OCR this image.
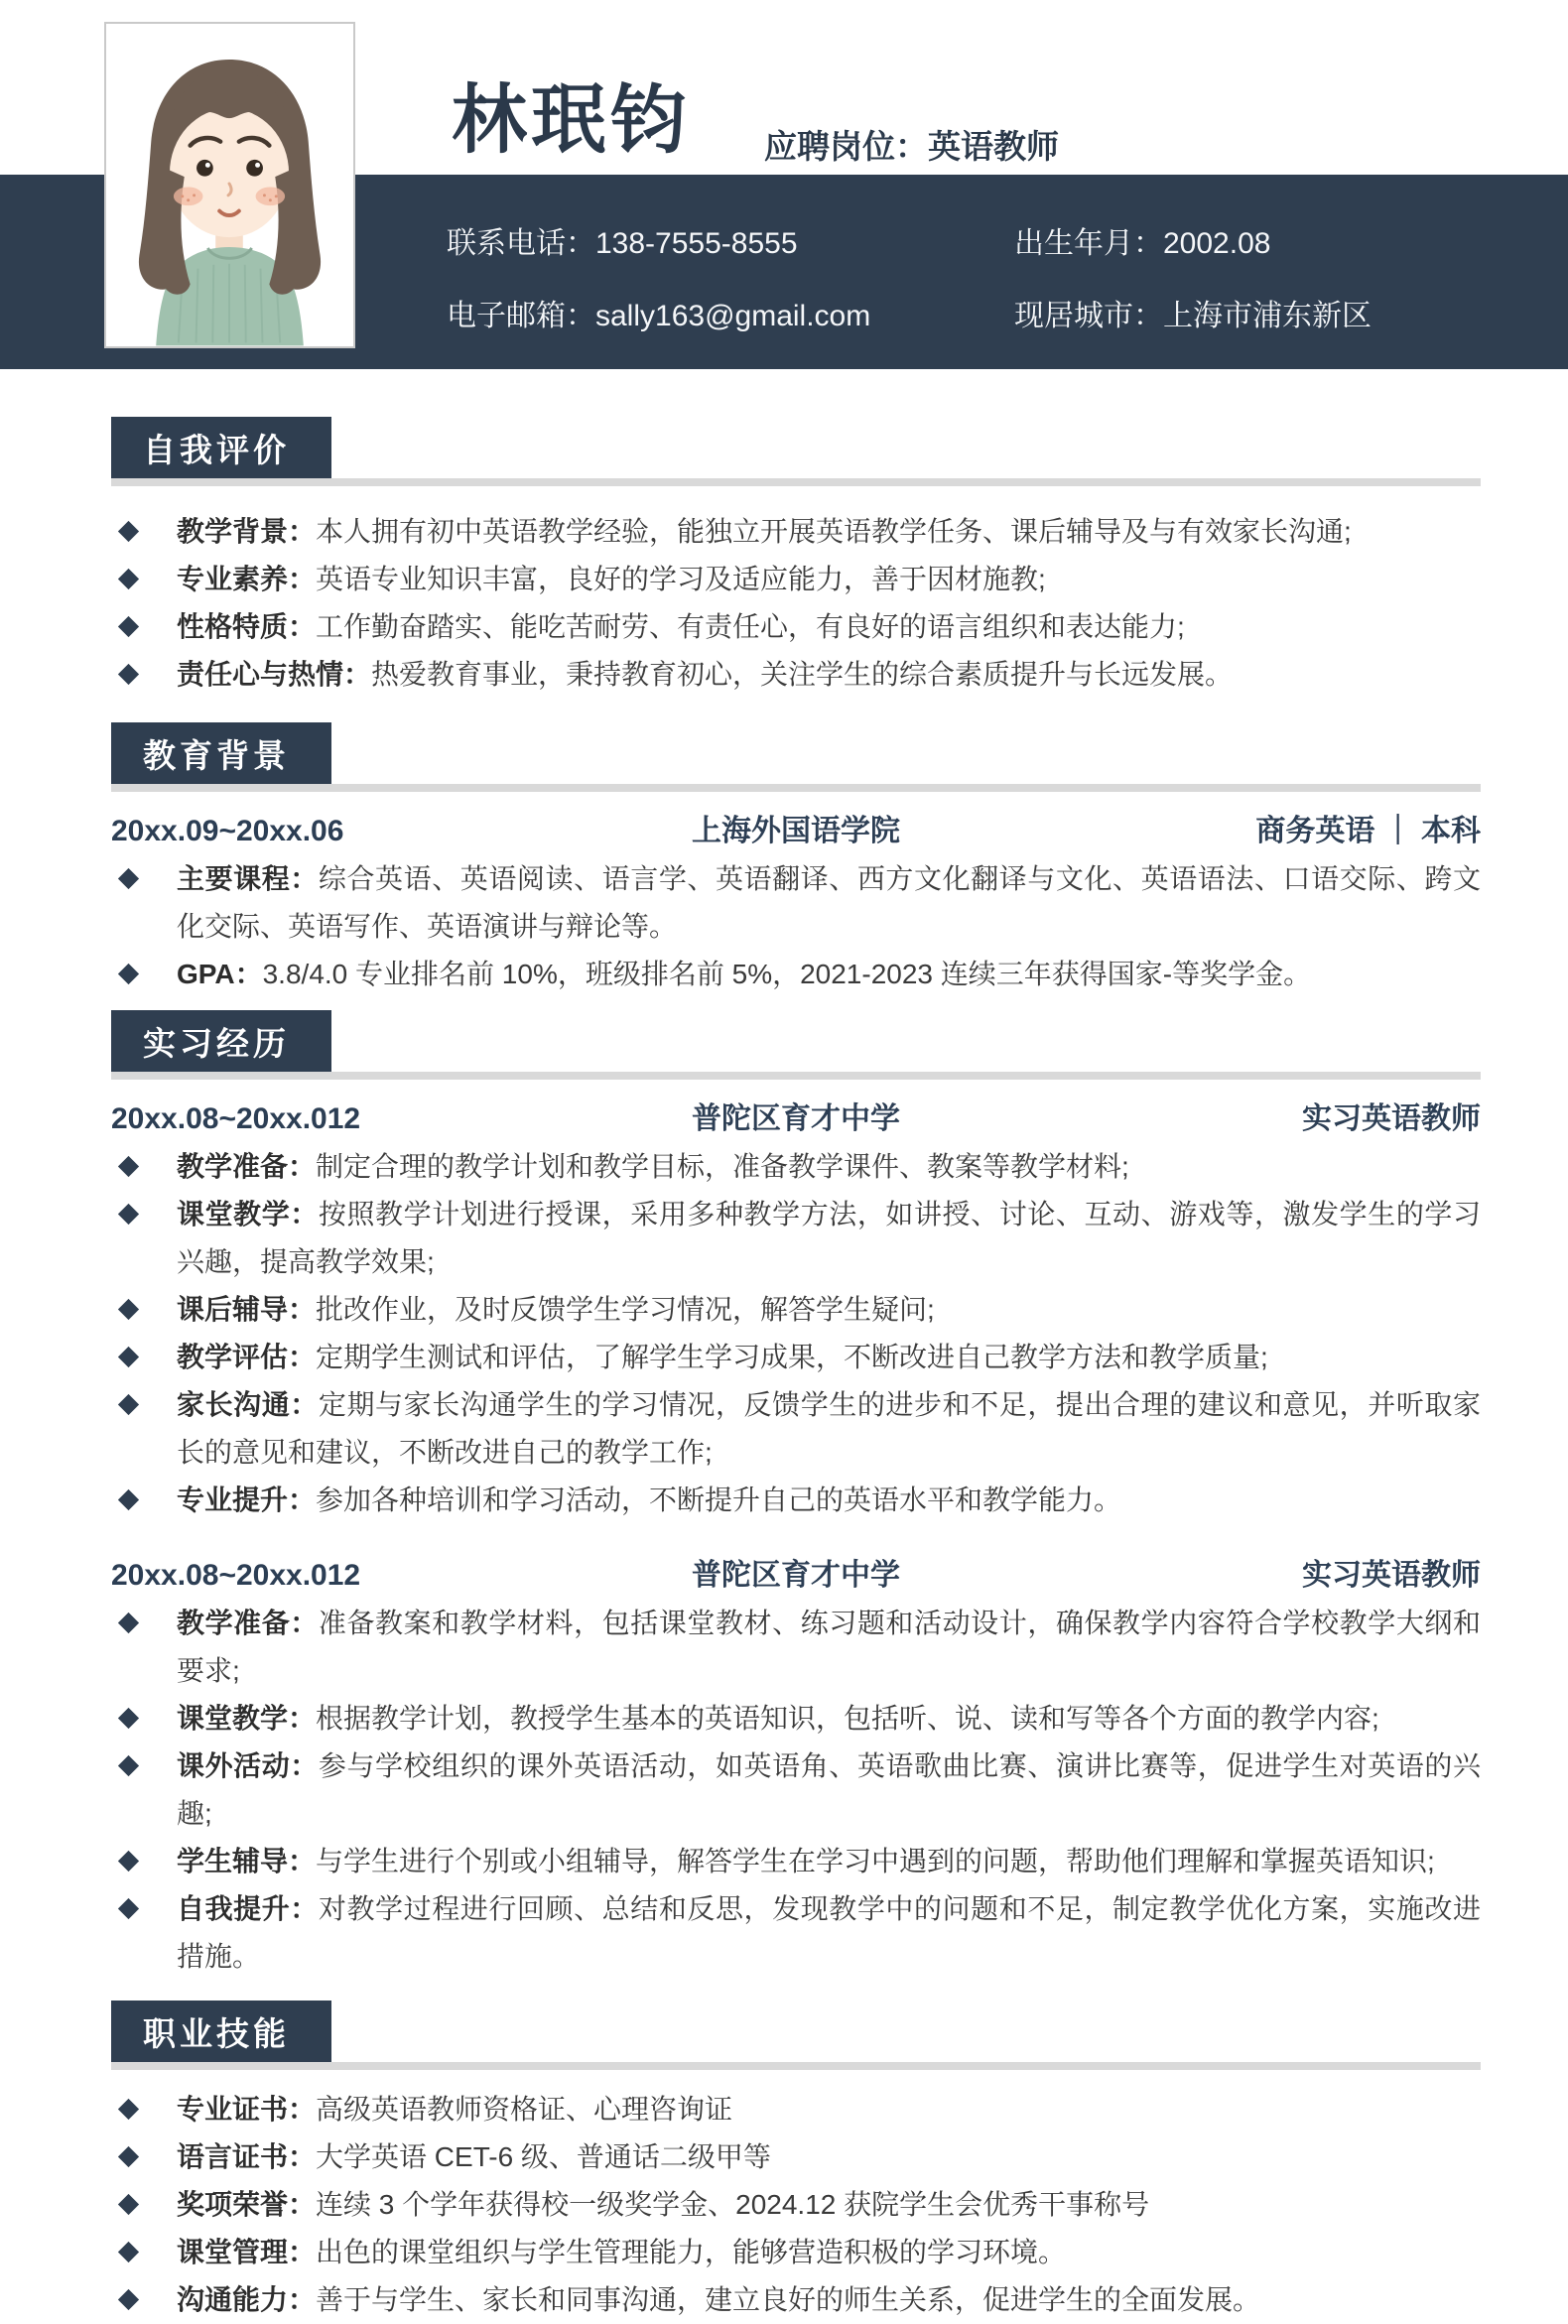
林珉钧 应聘岗位：英语教师
联系电话：138-7555-8555	出生年月：2002.08
电子邮箱：sally163@gmail.com	现居城市：上海市浦东新区
自我评价
教学背景：本人拥有初中英语教学经验，能独立开展英语教学任务、课后辅导及与有效家长沟通;
专业素养：英语专业知识丰富，良好的学习及适应能力，善于因材施教;
性格特质：工作勤奋踏实、能吃苦耐劳、有责任心，有良好的语言组织和表达能力;
责任心与热情：热爱教育事业，秉持教育初心，关注学生的综合素质提升与长远发展。
教育背景
20xx.09~20xx.06	上海外国语学院	商务英语 ｜ 本科
主要课程：综合英语、英语阅读、语言学、英语翻译、西方文化翻译与文化、英语语法、口语交际、跨文化交际、英语写作、英语演讲与辩论等。
GPA：3.8/4.0 专业排名前 10%，班级排名前 5%，2021-2023 连续三年获得国家-等奖学金。
实习经历
20xx.08~20xx.012	普陀区育才中学	实习英语教师
教学准备：制定合理的教学计划和教学目标，准备教学课件、教案等教学材料;
课堂教学：按照教学计划进行授课，采用多种教学方法，如讲授、讨论、互动、游戏等，激发学生的学习兴趣，提高教学效果;
课后辅导：批改作业，及时反馈学生学习情况，解答学生疑问;
教学评估：定期学生测试和评估，了解学生学习成果，不断改进自己教学方法和教学质量;
家长沟通：定期与家长沟通学生的学习情况，反馈学生的进步和不足，提出合理的建议和意见，并听取家长的意见和建议，不断改进自己的教学工作;
专业提升：参加各种培训和学习活动，不断提升自己的英语水平和教学能力。
20xx.08~20xx.012	普陀区育才中学	实习英语教师
教学准备：准备教案和教学材料，包括课堂教材、练习题和活动设计，确保教学内容符合学校教学大纲和要求;
课堂教学：根据教学计划，教授学生基本的英语知识，包括听、说、读和写等各个方面的教学内容;
课外活动：参与学校组织的课外英语活动，如英语角、英语歌曲比赛、演讲比赛等，促进学生对英语的兴趣;
学生辅导：与学生进行个别或小组辅导，解答学生在学习中遇到的问题，帮助他们理解和掌握英语知识;
自我提升：对教学过程进行回顾、总结和反思，发现教学中的问题和不足，制定教学优化方案，实施改进措施。
职业技能
专业证书：高级英语教师资格证、心理咨询证
语言证书：大学英语 CET-6 级、普通话二级甲等
奖项荣誉：连续 3 个学年获得校一级奖学金、2024.12 获院学生会优秀干事称号
课堂管理：出色的课堂组织与学生管理能力，能够营造积极的学习环境。
沟通能力：善于与学生、家长和同事沟通，建立良好的师生关系，促进学生的全面发展。
